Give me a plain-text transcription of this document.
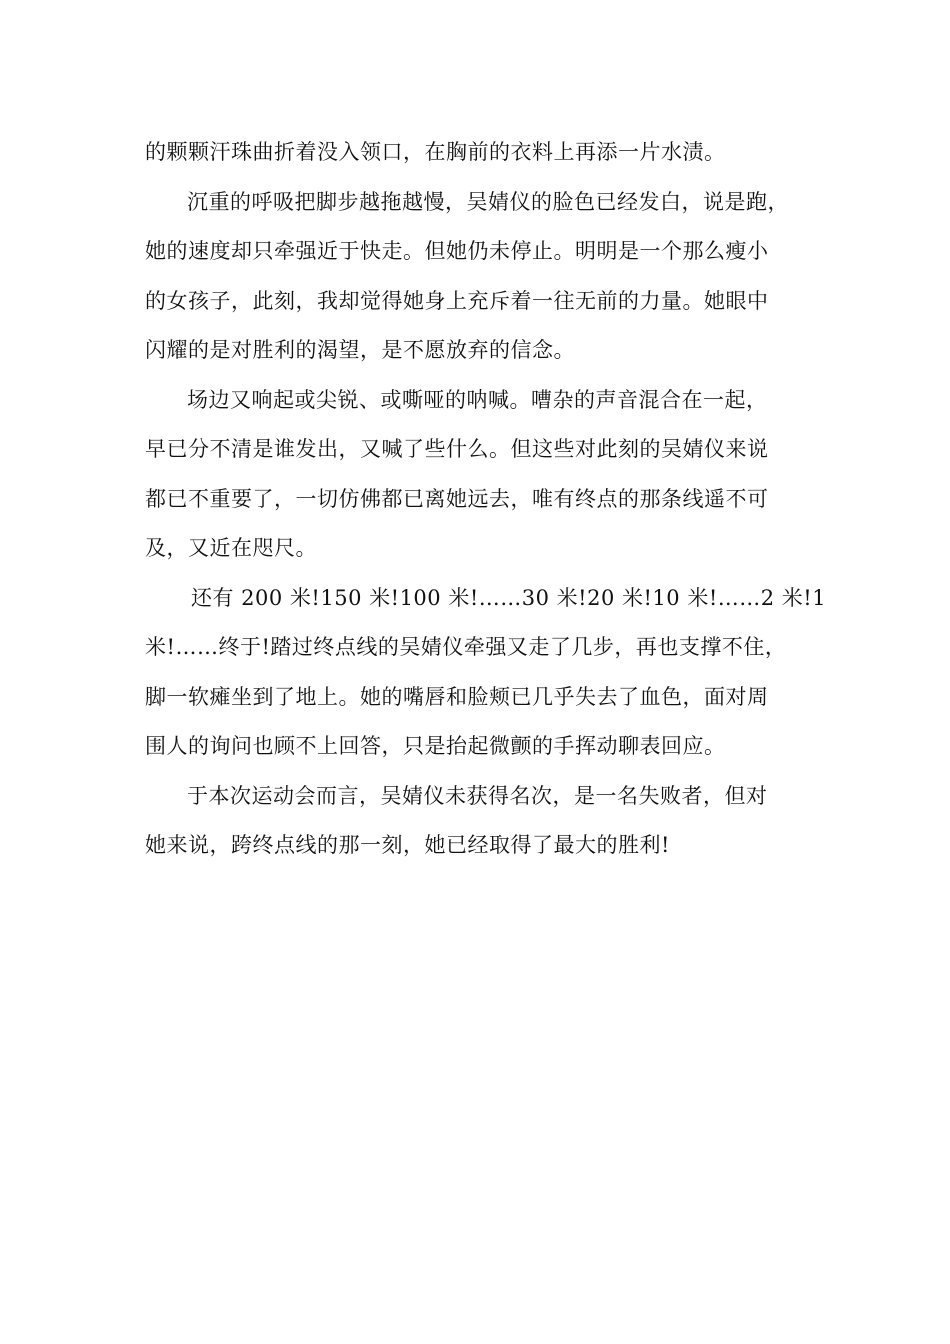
的颗颗汗珠曲折着没入领口，在胸前的衣料上再添一片水渍。
沉重的呼吸把脚步越拖越慢，吴婧仪的脸色已经发白，说是跑，
她的速度却只牵强近于快走。但她仍未停止。明明是一个那么瘦小
的女孩子，此刻，我却觉得她身上充斥着一往无前的力量。她眼中
闪耀的是对胜利的渴望，是不愿放弃的信念。
场边又响起或尖锐、或嘶哑的呐喊。嘈杂的声音混合在一起，
早已分不清是谁发出，又喊了些什么。但这些对此刻的吴婧仪来说
都已不重要了，一切仿佛都已离她远去，唯有终点的那条线遥不可
及，又近在咫尺。
还有 200 米!150 米!100 米!……30 米!20 米!10 米!……2 米!1
米!……终于!踏过终点线的吴婧仪牵强又走了几步，再也支撑不住，
脚一软瘫坐到了地上。她的嘴唇和脸颊已几乎失去了血色，面对周
围人的询问也顾不上回答，只是抬起微颤的手挥动聊表回应。
于本次运动会而言，吴婧仪未获得名次，是一名失败者，但对
她来说，跨终点线的那一刻，她已经取得了最大的胜利!
